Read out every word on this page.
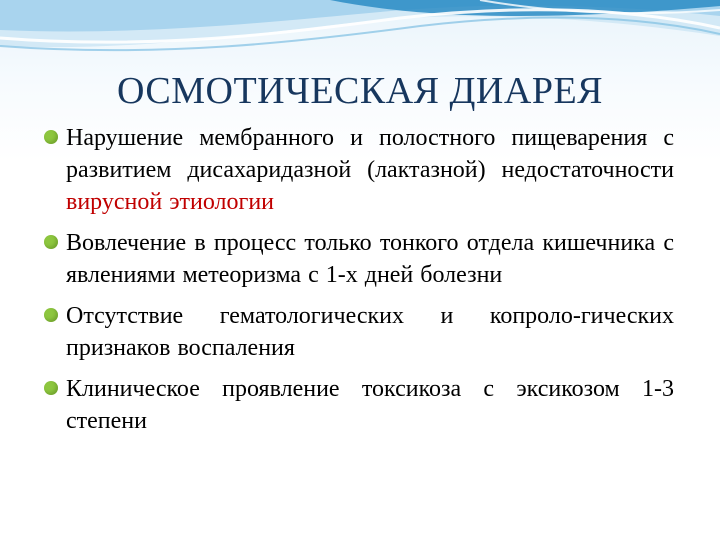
ОСМОТИЧЕСКАЯ ДИАРЕЯ
Нарушение мембранного и полостного пищеварения с развитием дисахаридазной (лактазной) недостаточности вирусной этиологии
Вовлечение в процесс только тонкого отдела кишечника с явлениями метеоризма с 1-х дней болезни
Отсутствие гематологических и копроло-гических признаков воспаления
Клиническое проявление токсикоза с эксикозом 1-3 степени
